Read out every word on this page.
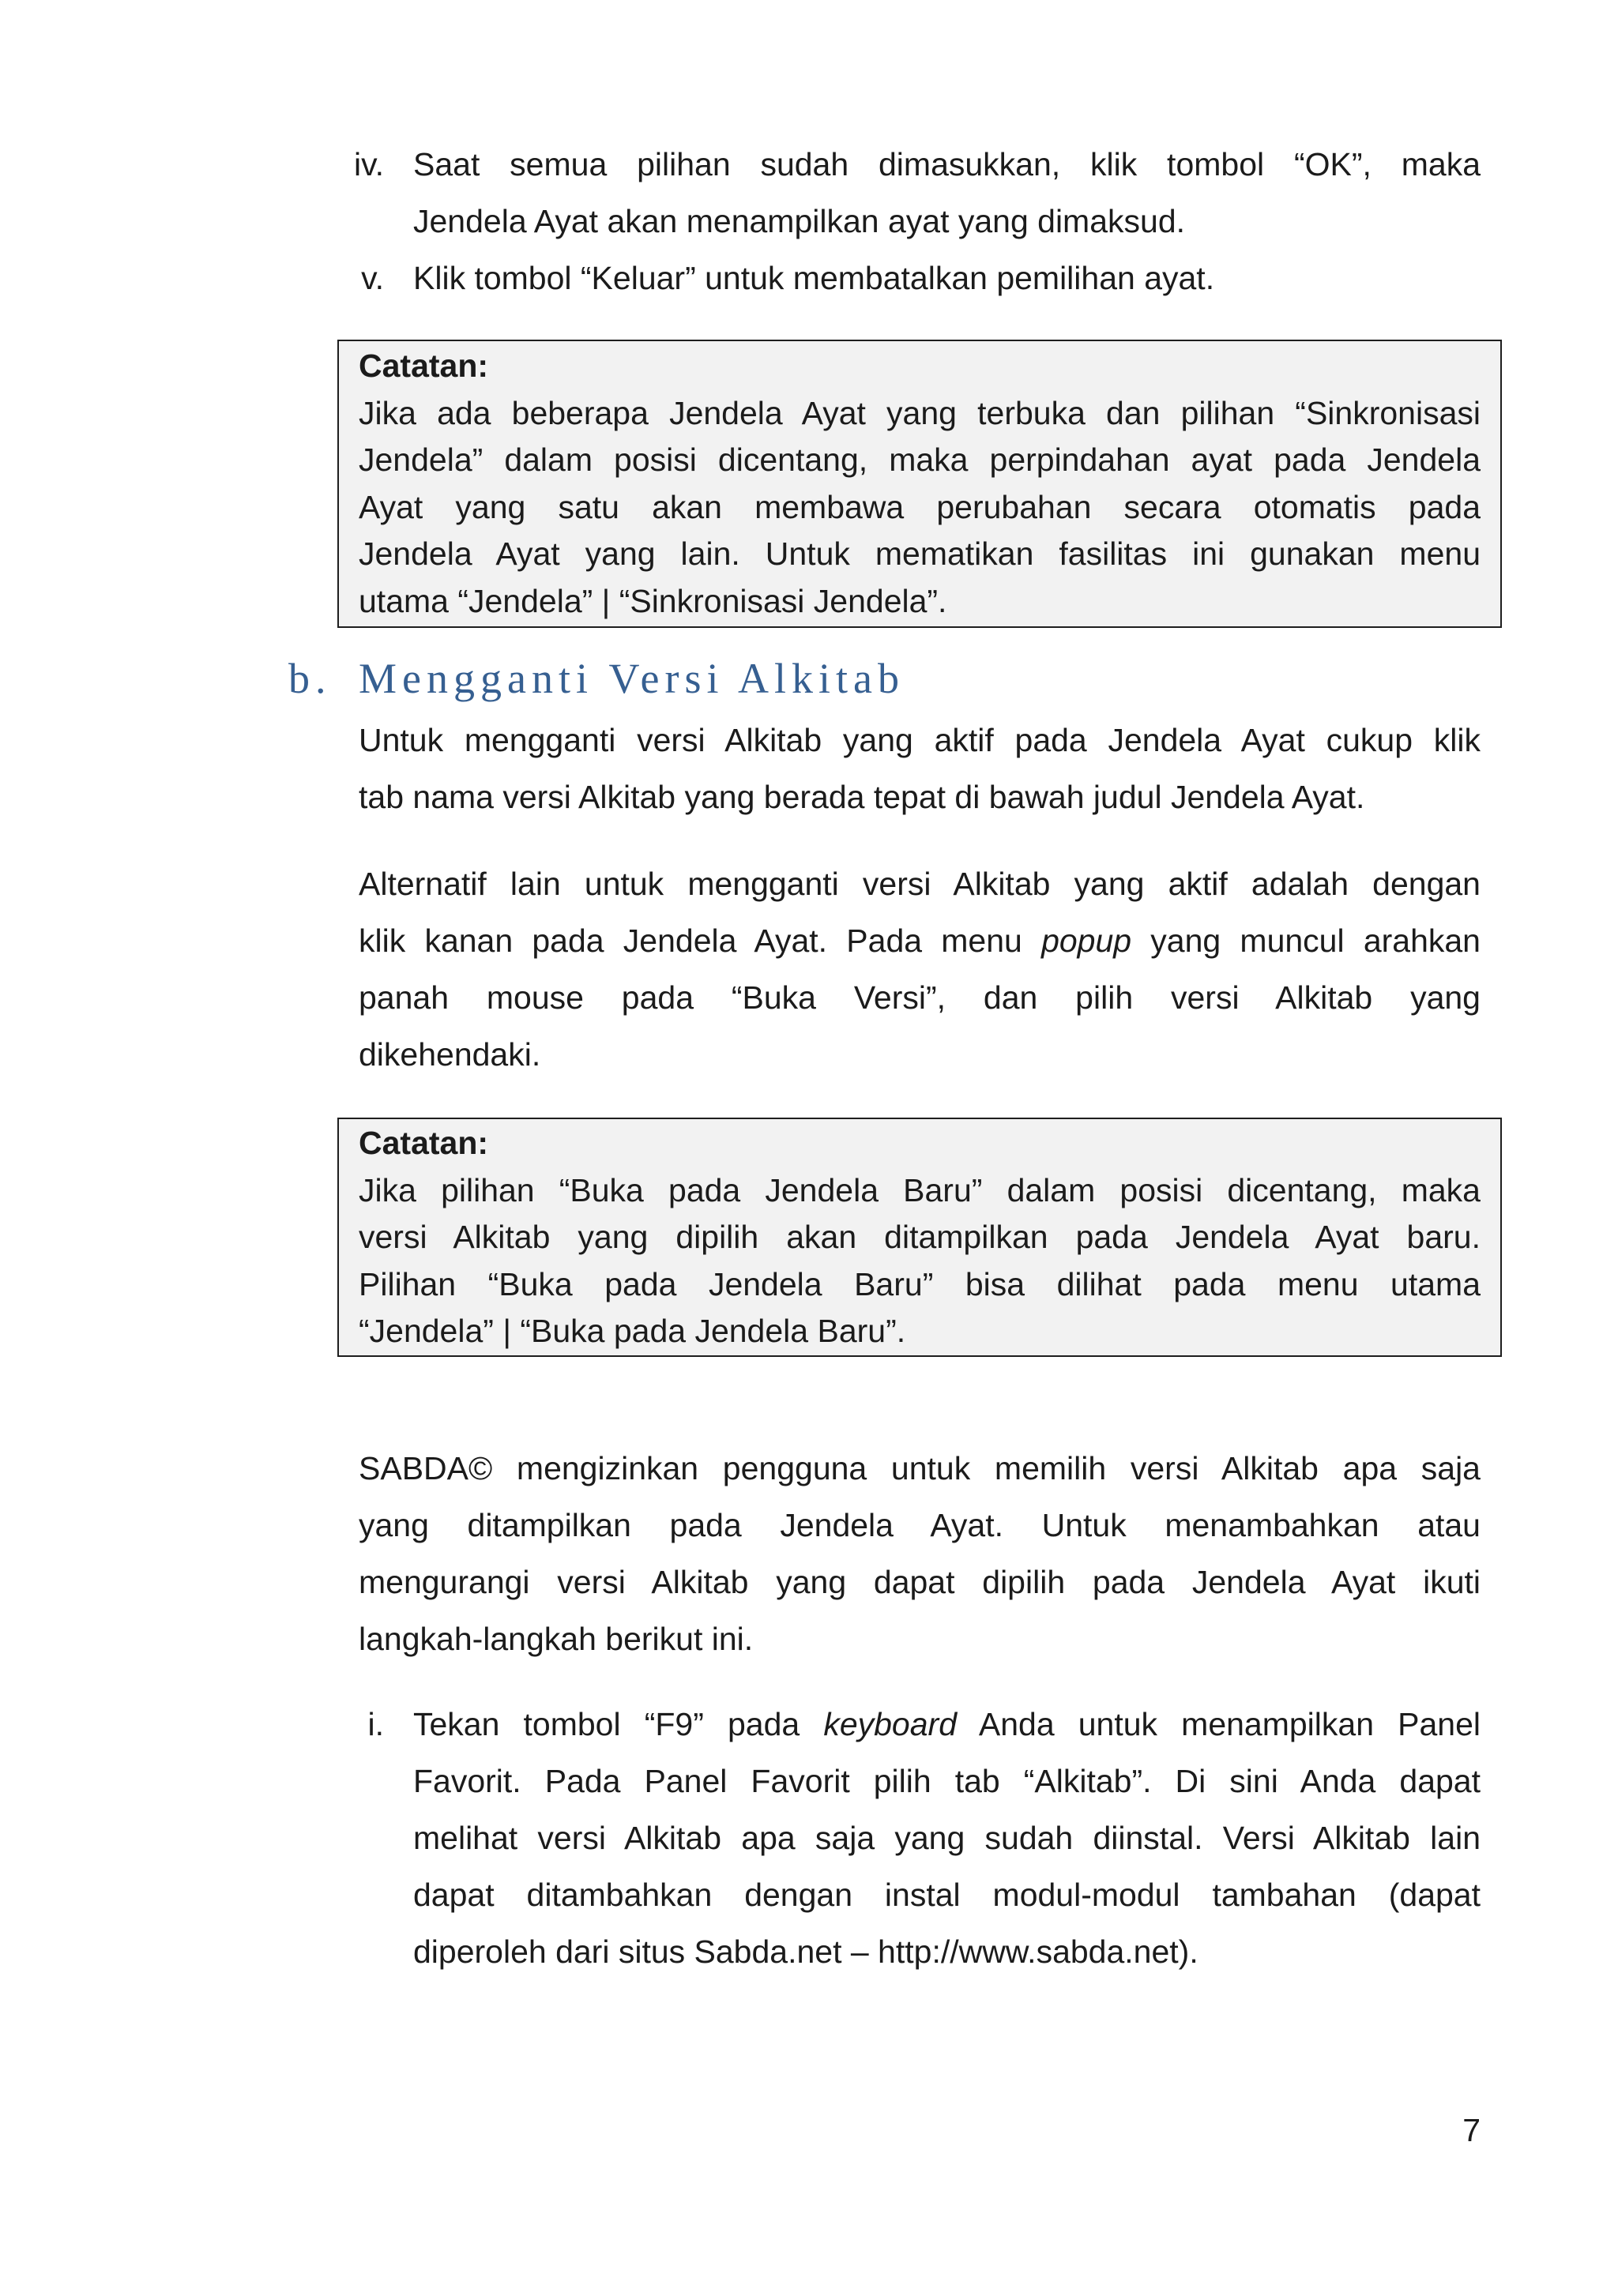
iv. Saat semua pilihan sudah dimasukkan, klik tombol “OK”, maka
Jendela Ayat akan menampilkan ayat yang dimaksud.
v. Klik tombol “Keluar” untuk membatalkan pemilihan ayat.
Catatan:
Jika ada beberapa Jendela Ayat yang terbuka dan pilihan “Sinkronisasi
Jendela” dalam posisi dicentang, maka perpindahan ayat pada Jendela
Ayat yang satu akan membawa perubahan secara otomatis pada
Jendela Ayat yang lain. Untuk mematikan fasilitas ini gunakan menu
utama “Jendela” | “Sinkronisasi Jendela”.
b. Mengganti Versi Alkitab
Untuk mengganti versi Alkitab yang aktif pada Jendela Ayat cukup klik
tab nama versi Alkitab yang berada tepat di bawah judul Jendela Ayat.
Alternatif lain untuk mengganti versi Alkitab yang aktif adalah dengan
klik kanan pada Jendela Ayat. Pada menu popup yang muncul arahkan
panah mouse pada “Buka Versi”, dan pilih versi Alkitab yang
dikehendaki.
Catatan:
Jika pilihan “Buka pada Jendela Baru” dalam posisi dicentang, maka
versi Alkitab yang dipilih akan ditampilkan pada Jendela Ayat baru.
Pilihan “Buka pada Jendela Baru” bisa dilihat pada menu utama
“Jendela” | “Buka pada Jendela Baru”.
SABDA© mengizinkan pengguna untuk memilih versi Alkitab apa saja
yang ditampilkan pada Jendela Ayat. Untuk menambahkan atau
mengurangi versi Alkitab yang dapat dipilih pada Jendela Ayat ikuti
langkah-langkah berikut ini.
i. Tekan tombol “F9” pada keyboard Anda untuk menampilkan Panel
Favorit. Pada Panel Favorit pilih tab “Alkitab”. Di sini Anda dapat
melihat versi Alkitab apa saja yang sudah diinstal. Versi Alkitab lain
dapat ditambahkan dengan instal modul-modul tambahan (dapat
diperoleh dari situs Sabda.net – http://www.sabda.net).
7
